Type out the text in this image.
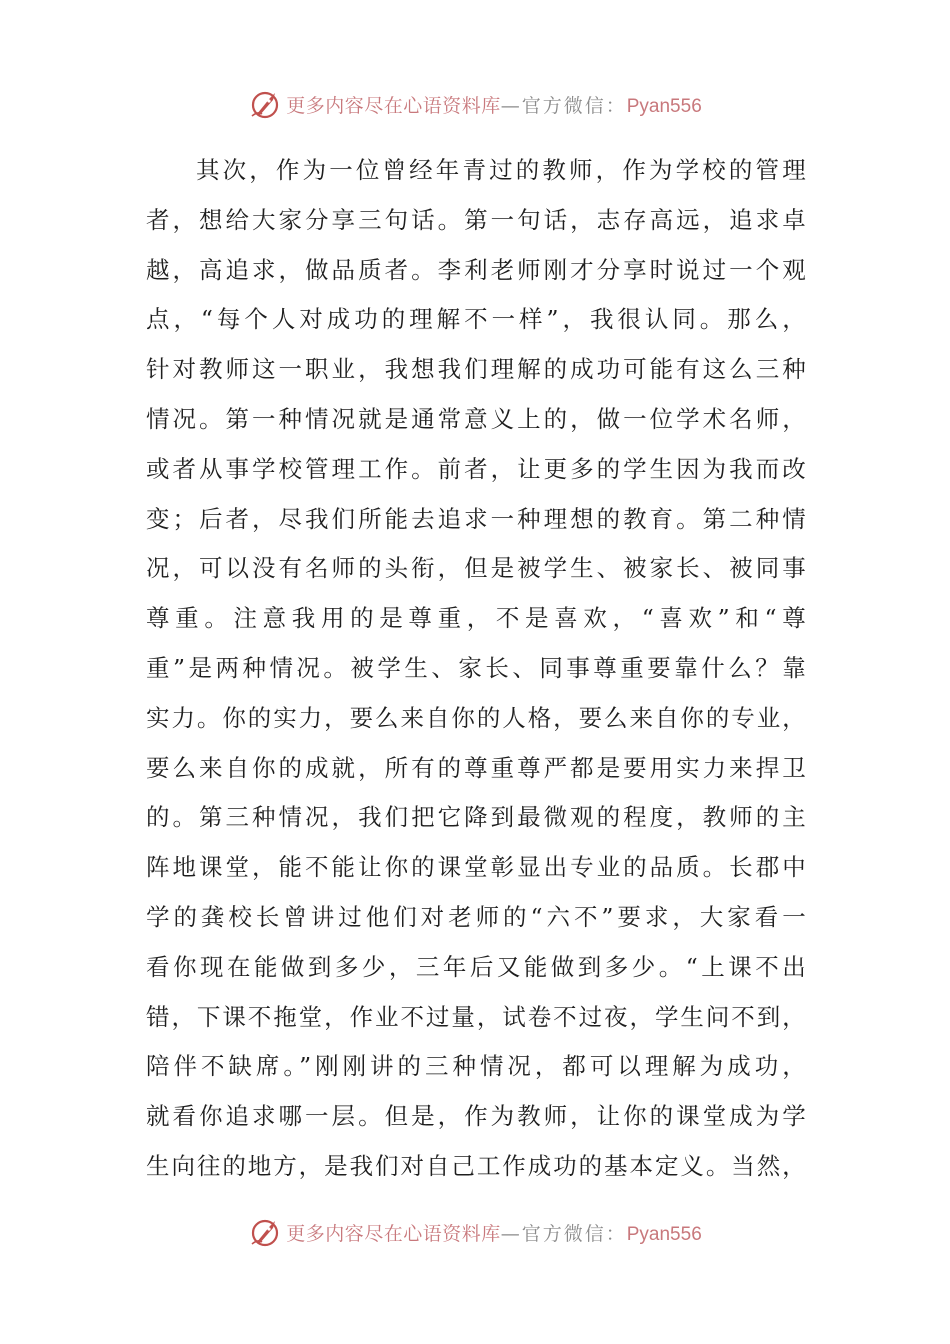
更多内容尽在心语资料库—官方微信：Pyan556
其次，作为一位曾经年青过的教师，作为学校的管理
者，想给大家分享三句话。第一句话，志存高远，追求卓
越，高追求，做品质者。李利老师刚才分享时说过一个观
点，“每个人对成功的理解不一样”，我很认同。那么，
针对教师这一职业，我想我们理解的成功可能有这么三种
情况。第一种情况就是通常意义上的，做一位学术名师，
或者从事学校管理工作。前者，让更多的学生因为我而改
变；后者，尽我们所能去追求一种理想的教育。第二种情
况，可以没有名师的头衔，但是被学生、被家长、被同事
尊重。注意我用的是尊重，不是喜欢，“喜欢”和“尊
重”是两种情况。被学生、家长、同事尊重要靠什么？靠
实力。你的实力，要么来自你的人格，要么来自你的专业，
要么来自你的成就，所有的尊重尊严都是要用实力来捍卫
的。第三种情况，我们把它降到最微观的程度，教师的主
阵地课堂，能不能让你的课堂彰显出专业的品质。长郡中
学的龚校长曾讲过他们对老师的“六不”要求，大家看一
看你现在能做到多少，三年后又能做到多少。“上课不出
错，下课不拖堂，作业不过量，试卷不过夜，学生问不到，
陪伴不缺席。”刚刚讲的三种情况，都可以理解为成功，
就看你追求哪一层。但是，作为教师，让你的课堂成为学
生向往的地方，是我们对自己工作成功的基本定义。当然，
更多内容尽在心语资料库—官方微信：Pyan556
